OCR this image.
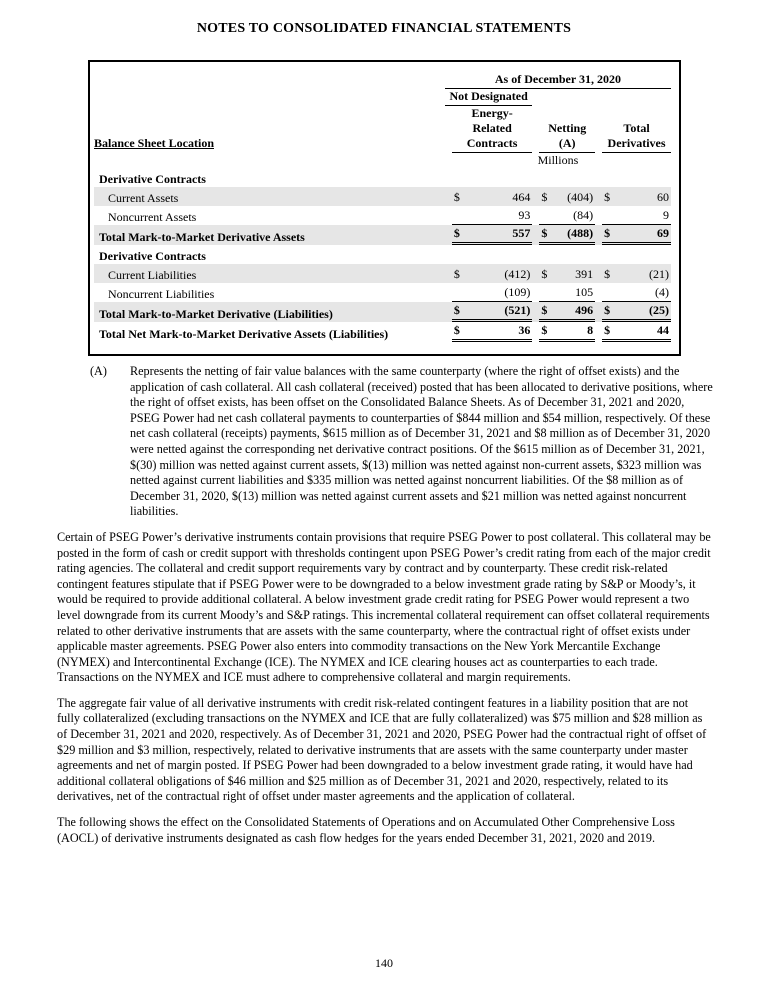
NOTES TO CONSOLIDATED FINANCIAL STATEMENTS

	As of December 31, 2020		

	Not Designated		

Balance Sheet Location	Energy-Related Contracts	Netting (A)	Total Derivatives

	Millions		
Derivative Contracts			
Current Assets	$ 464	$ (404)	$ 60

Noncurrent Assets	93	(84)	9

Total Mark-to-Market Derivative Assets	$ 557	$ (488)	$ 69

Derivative Contracts			
Current Liabilities	$ (412)	$ 391	$ (21)

Noncurrent Liabilities	(109)	105	(4)

Total Mark-to-Market Derivative (Liabilities)	$ (521)	$ 496	$ (25)

Total Net Mark-to-Market Derivative Assets (Liabilities)	$ 36	$ 8	$ 44
(A)	Represents the netting of fair value balances with the same counterparty (where the right of offset exists) and the application of cash collateral. All cash collateral (received) posted that has been allocated to derivative positions, where the right of offset exists, has been offset on the Consolidated Balance Sheets. As of December 31, 2021 and 2020, PSEG Power had net cash collateral payments to counterparties of $844 million and $54 million, respectively. Of these net cash collateral (receipts) payments, $615 million as of December 31, 2021 and $8 million as of December 31, 2020 were netted against the corresponding net derivative contract positions. Of the $615 million as of December 31, 2021, $(30) million was netted against current assets, $(13) million was netted against non-current assets, $323 million was netted against current liabilities and $335 million was netted against noncurrent liabilities. Of the $8 million as of December 31, 2020, $(13) million was netted against current assets and $21 million was netted against noncurrent liabilities.
Certain of PSEG Power’s derivative instruments contain provisions that require PSEG Power to post collateral. This collateral may be posted in the form of cash or credit support with thresholds contingent upon PSEG Power’s credit rating from each of the major credit rating agencies. The collateral and credit support requirements vary by contract and by counterparty. These credit risk-related contingent features stipulate that if PSEG Power were to be downgraded to a below investment grade rating by S&P or Moody’s, it would be required to provide additional collateral. A below investment grade credit rating for PSEG Power would represent a two level downgrade from its current Moody’s and S&P ratings. This incremental collateral requirement can offset collateral requirements related to other derivative instruments that are assets with the same counterparty, where the contractual right of offset exists under applicable master agreements. PSEG Power also enters into commodity transactions on the New York Mercantile Exchange (NYMEX) and Intercontinental Exchange (ICE). The NYMEX and ICE clearing houses act as counterparties to each trade. Transactions on the NYMEX and ICE must adhere to comprehensive collateral and margin requirements.
The aggregate fair value of all derivative instruments with credit risk-related contingent features in a liability position that are not fully collateralized (excluding transactions on the NYMEX and ICE that are fully collateralized) was $75 million and $28 million as of December 31, 2021 and 2020, respectively. As of December 31, 2021 and 2020, PSEG Power had the contractual right of offset of $29 million and $3 million, respectively, related to derivative instruments that are assets with the same counterparty under master agreements and net of margin posted. If PSEG Power had been downgraded to a below investment grade rating, it would have had additional collateral obligations of $46 million and $25 million as of December 31, 2021 and 2020, respectively, related to its derivatives, net of the contractual right of offset under master agreements and the application of collateral.
The following shows the effect on the Consolidated Statements of Operations and on Accumulated Other Comprehensive Loss (AOCL) of derivative instruments designated as cash flow hedges for the years ended December 31, 2021, 2020 and 2019.
140
